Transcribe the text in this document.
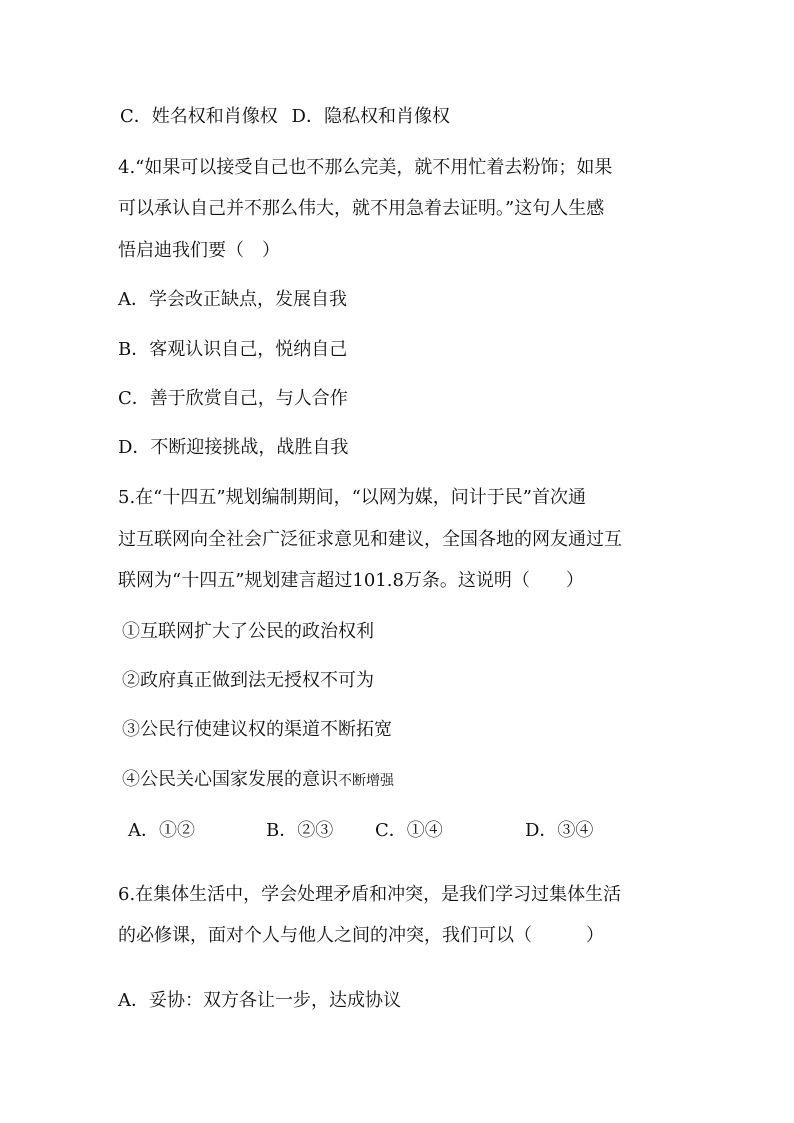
C．姓名权和肖像权 D．隐私权和肖像权
4.“如果可以接受自己也不那么完美，就不用忙着去粉饰；如果
可以承认自己并不那么伟大，就不用急着去证明。”这句人生感
悟启迪我们要（　）
A．学会改正缺点，发展自我
B．客观认识自己，悦纳自己
C．善于欣赏自己，与人合作
D．不断迎接挑战，战胜自我
5.在“十四五”规划编制期间，“以网为媒，问计于民”首次通
过互联网向全社会广泛征求意见和建议，全国各地的网友通过互
联网为“十四五”规划建言超过101.8万条。这说明（　　）
①互联网扩大了公民的政治权利
②政府真正做到法无授权不可为
③公民行使建议权的渠道不断拓宽
④公民关心国家发展的意识不断增强
A．①②	B．②③ C．①④	D．③④
6.在集体生活中，学会处理矛盾和冲突，是我们学习过集体生活
的必修课，面对个人与他人之间的冲突，我们可以（　　　）
A．妥协：双方各让一步，达成协议
